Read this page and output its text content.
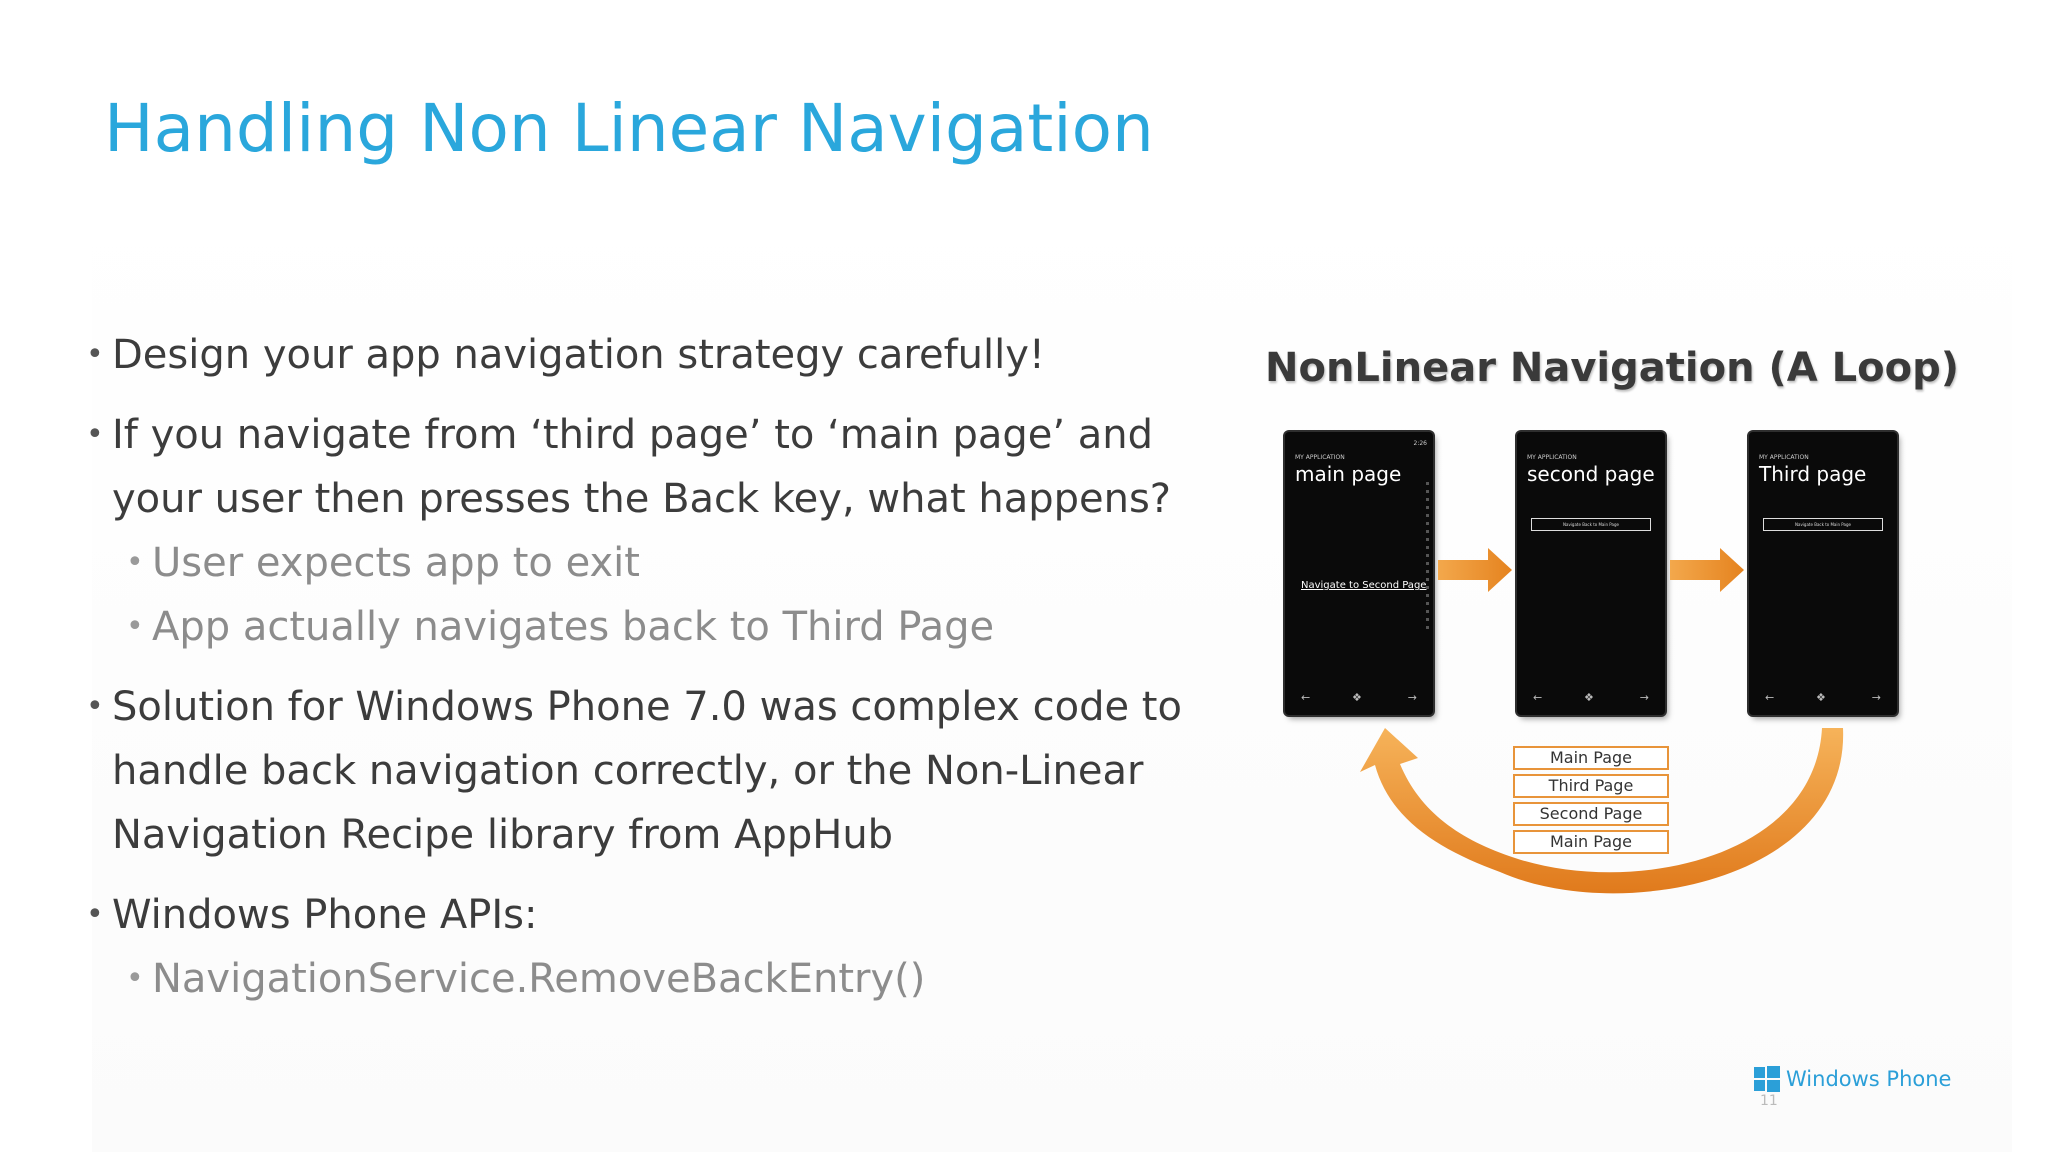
Handling Non Linear Navigation
• Design your app navigation strategy carefully!
• If you navigate from ‘third page’ to ‘main page’ and your user then presses the Back key, what happens?
• User expects app to exit
• App actually navigates back to Third Page
• Solution for Windows Phone 7.0 was complex code to handle back navigation correctly, or the Non-Linear Navigation Recipe library from AppHub
• Windows Phone APIs:
• NavigationService.RemoveBackEntry()
NonLinear Navigation (A Loop)
MY APPLICATION
2:26
main page
Navigate to Second Page
←	❖	→
MY APPLICATION
second page
Navigate Back to Main Page
←	❖	→
MY APPLICATION
Third page
Navigate Back to Main Page
←	❖	→
Main Page
Third Page
Second Page
Main Page
Windows Phone
11
